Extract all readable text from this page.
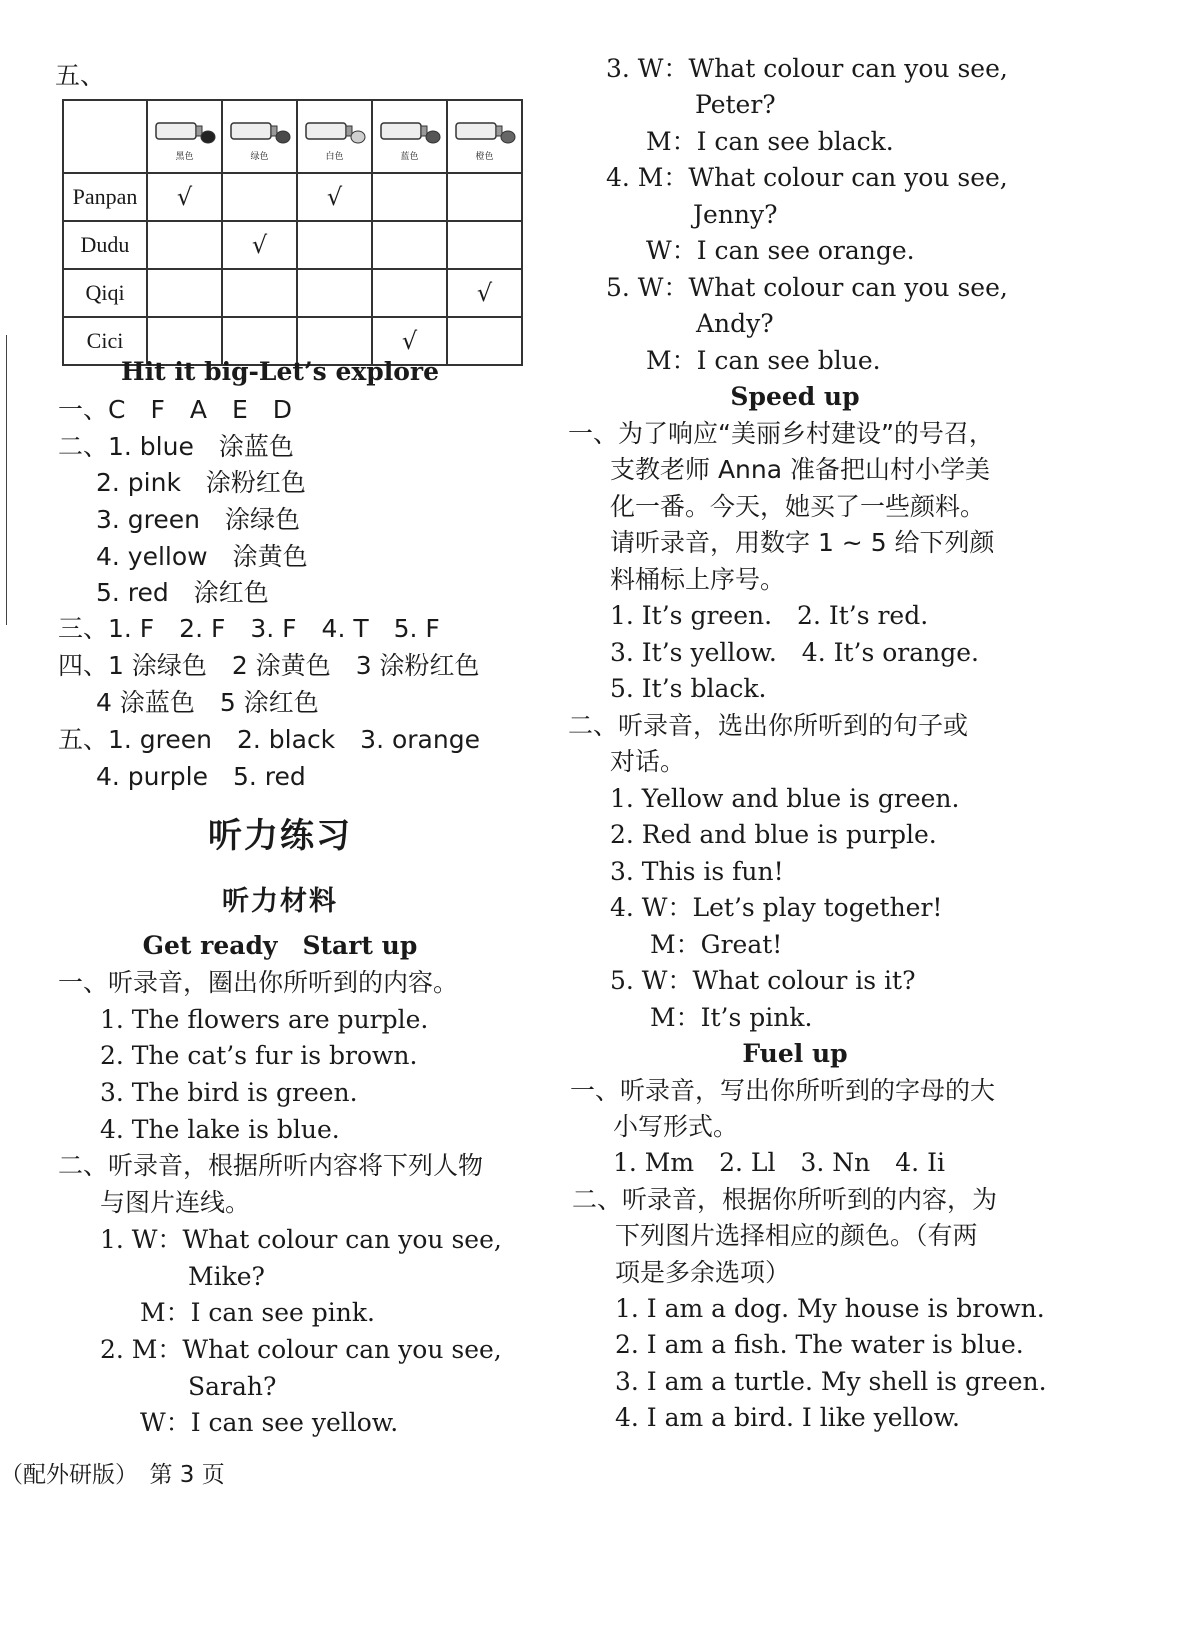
五、

	黑色	绿色	白色	蓝色	橙色

Panpan	√		√		
Dudu		√			
Qiqi					√
Cici				√	
Hit it big-Let’s explore
一、C　F　A　E　D
二、1. blue　涂蓝色
2. pink　涂粉红色
3. green　涂绿色
4. yellow　涂黄色
5. red　涂红色
三、1. F　2. F　3. F　4. T　5. F
四、1 涂绿色　2 涂黄色　3 涂粉红色
4 涂蓝色　5 涂红色
五、1. green　2. black　3. orange
4. purple　5. red
听力练习
听力材料
Get ready　Start up
一、听录音，圈出你所听到的内容。
1. The flowers are purple.
2. The cat’s fur is brown.
3. The bird is green.
4. The lake is blue.
二、听录音，根据所听内容将下列人物
与图片连线。
1. W：What colour can you see,
Mike?
M：I can see pink.
2. M：What colour can you see,
Sarah?
W：I can see yellow.
（配外研版）　第 3 页
3. W：What colour can you see,
Peter?
M：I can see black.
4. M：What colour can you see,
Jenny?
W：I can see orange.
5. W：What colour can you see,
Andy?
M：I can see blue.
Speed up
一、为了响应“美丽乡村建设”的号召，
支教老师 Anna 准备把山村小学美
化一番。今天，她买了一些颜料。
请听录音，用数字 1 ~ 5 给下列颜
料桶标上序号。
1. It’s green.　2. It’s red.
3. It’s yellow.　4. It’s orange.
5. It’s black.
二、听录音，选出你所听到的句子或
对话。
1. Yellow and blue is green.
2. Red and blue is purple.
3. This is fun!
4. W：Let’s play together!
M：Great!
5. W：What colour is it?
M：It’s pink.
Fuel up
一、听录音，写出你所听到的字母的大
小写形式。
1. Mm　2. Ll　3. Nn　4. Ii
二、听录音，根据你所听到的内容，为
下列图片选择相应的颜色。（有两
项是多余选项）
1. I am a dog. My house is brown.
2. I am a fish. The water is blue.
3. I am a turtle. My shell is green.
4. I am a bird. I like yellow.
